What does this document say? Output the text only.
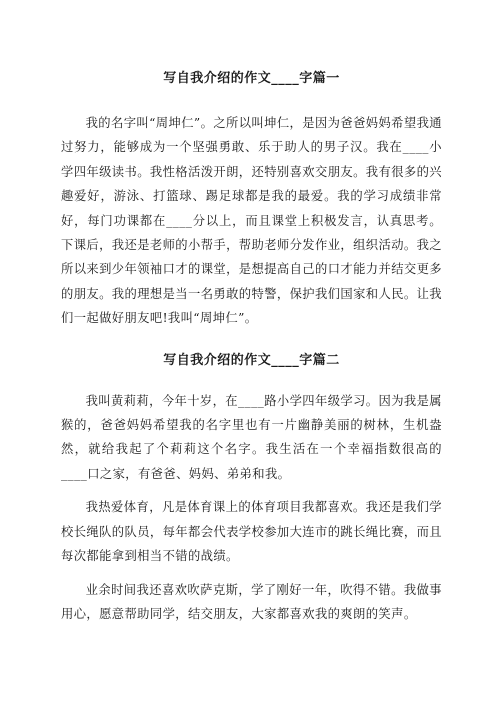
写自我介绍的作文____字篇一

我的名字叫“周坤仁”。之所以叫坤仁，是因为爸爸妈妈希望我通过努力，能够成为一个坚强勇敢、乐于助人的男子汉。我在____小学四年级读书。我性格活泼开朗，还特别喜欢交朋友。我有很多的兴趣爱好，游泳、打篮球、踢足球都是我的最爱。我的学习成绩非常好，每门功课都在____分以上，而且课堂上积极发言，认真思考。下课后，我还是老师的小帮手，帮助老师分发作业，组织活动。我之所以来到少年领袖口才的课堂，是想提高自己的口才能力并结交更多的朋友。我的理想是当一名勇敢的特警，保护我们国家和人民。让我们一起做好朋友吧!我叫“周坤仁”。

写自我介绍的作文____字篇二

我叫黄莉莉，今年十岁，在____路小学四年级学习。因为我是属猴的，爸爸妈妈希望我的名字里也有一片幽静美丽的树林，生机盎然，就给我起了个莉莉这个名字。我生活在一个幸福指数很高的____口之家，有爸爸、妈妈、弟弟和我。

我热爱体育，凡是体育课上的体育项目我都喜欢。我还是我们学校长绳队的队员，每年都会代表学校参加大连市的跳长绳比赛，而且每次都能拿到相当不错的战绩。

业余时间我还喜欢吹萨克斯，学了刚好一年，吹得不错。我做事用心，愿意帮助同学，结交朋友，大家都喜欢我的爽朗的笑声。
